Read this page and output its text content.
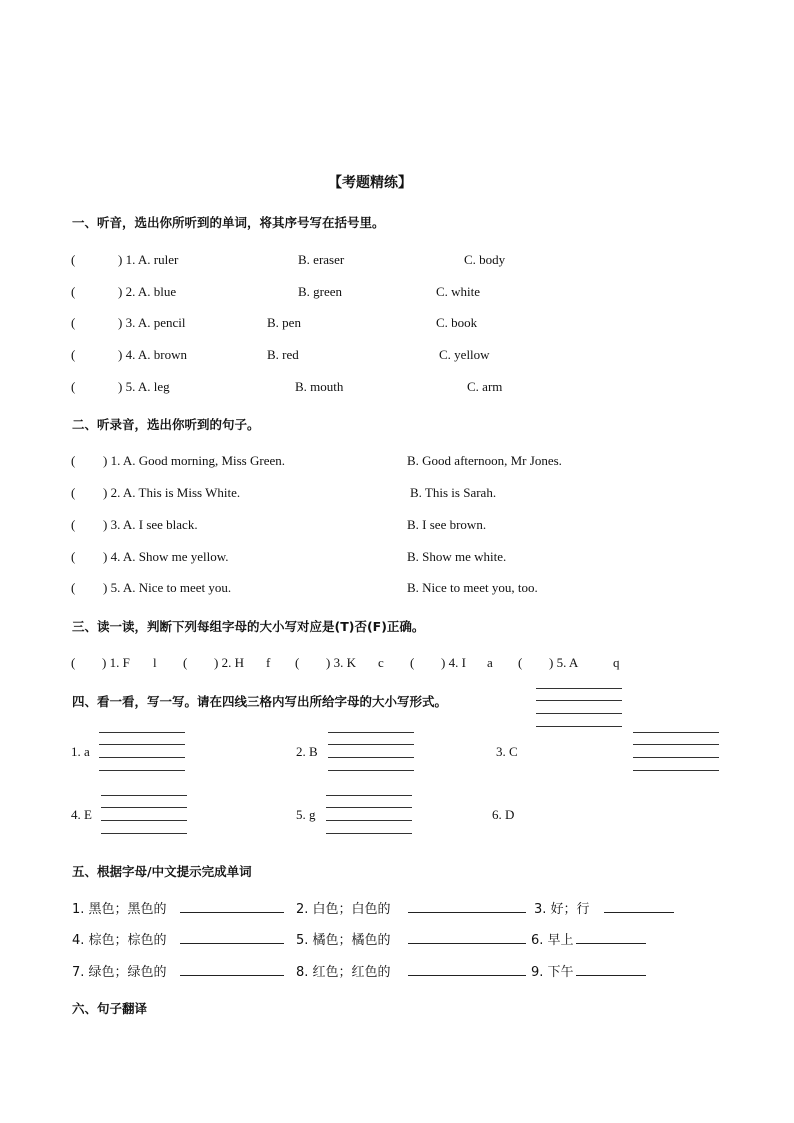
【考题精练】
一、听音，选出你所听到的单词，将其序号写在括号里。
(	) 1. A. ruler	B. eraser	C. body
(	) 2. A. blue	B. green	C. white
(	) 3. A. pencil	B. pen	C. book
(	) 4. A. brown	B. red	C. yellow
(	) 5. A. leg	B. mouth	C. arm
二、听录音，选出你听到的句子。
( ) 1. A. Good morning, Miss Green.	B. Good afternoon, Mr Jones.
( ) 2. A. This is Miss White.	B. This is Sarah.
( ) 3. A. I see black.	B. I see brown.
( ) 4. A. Show me yellow.	B. Show me white.
( ) 5. A. Nice to meet you.	B. Nice to meet you, too.
三、读一读，判断下列每组字母的大小写对应是(T)否(F)正确。
( ) 1. F l ( ) 2. H f ( ) 3. K c ( ) 4. I a ( ) 5. A	q
四、看一看，写一写。请在四线三格内写出所给字母的大小写形式。
1. a	2. B	3. C
4. E	5. g	6. D
五、根据字母/中文提示完成单词
1. 黑色；黑色的	2. 白色；白色的	3. 好；行
4. 棕色；棕色的	5. 橘色；橘色的	6. 早上
7. 绿色；绿色的	8. 红色；红色的	9. 下午
六、句子翻译
